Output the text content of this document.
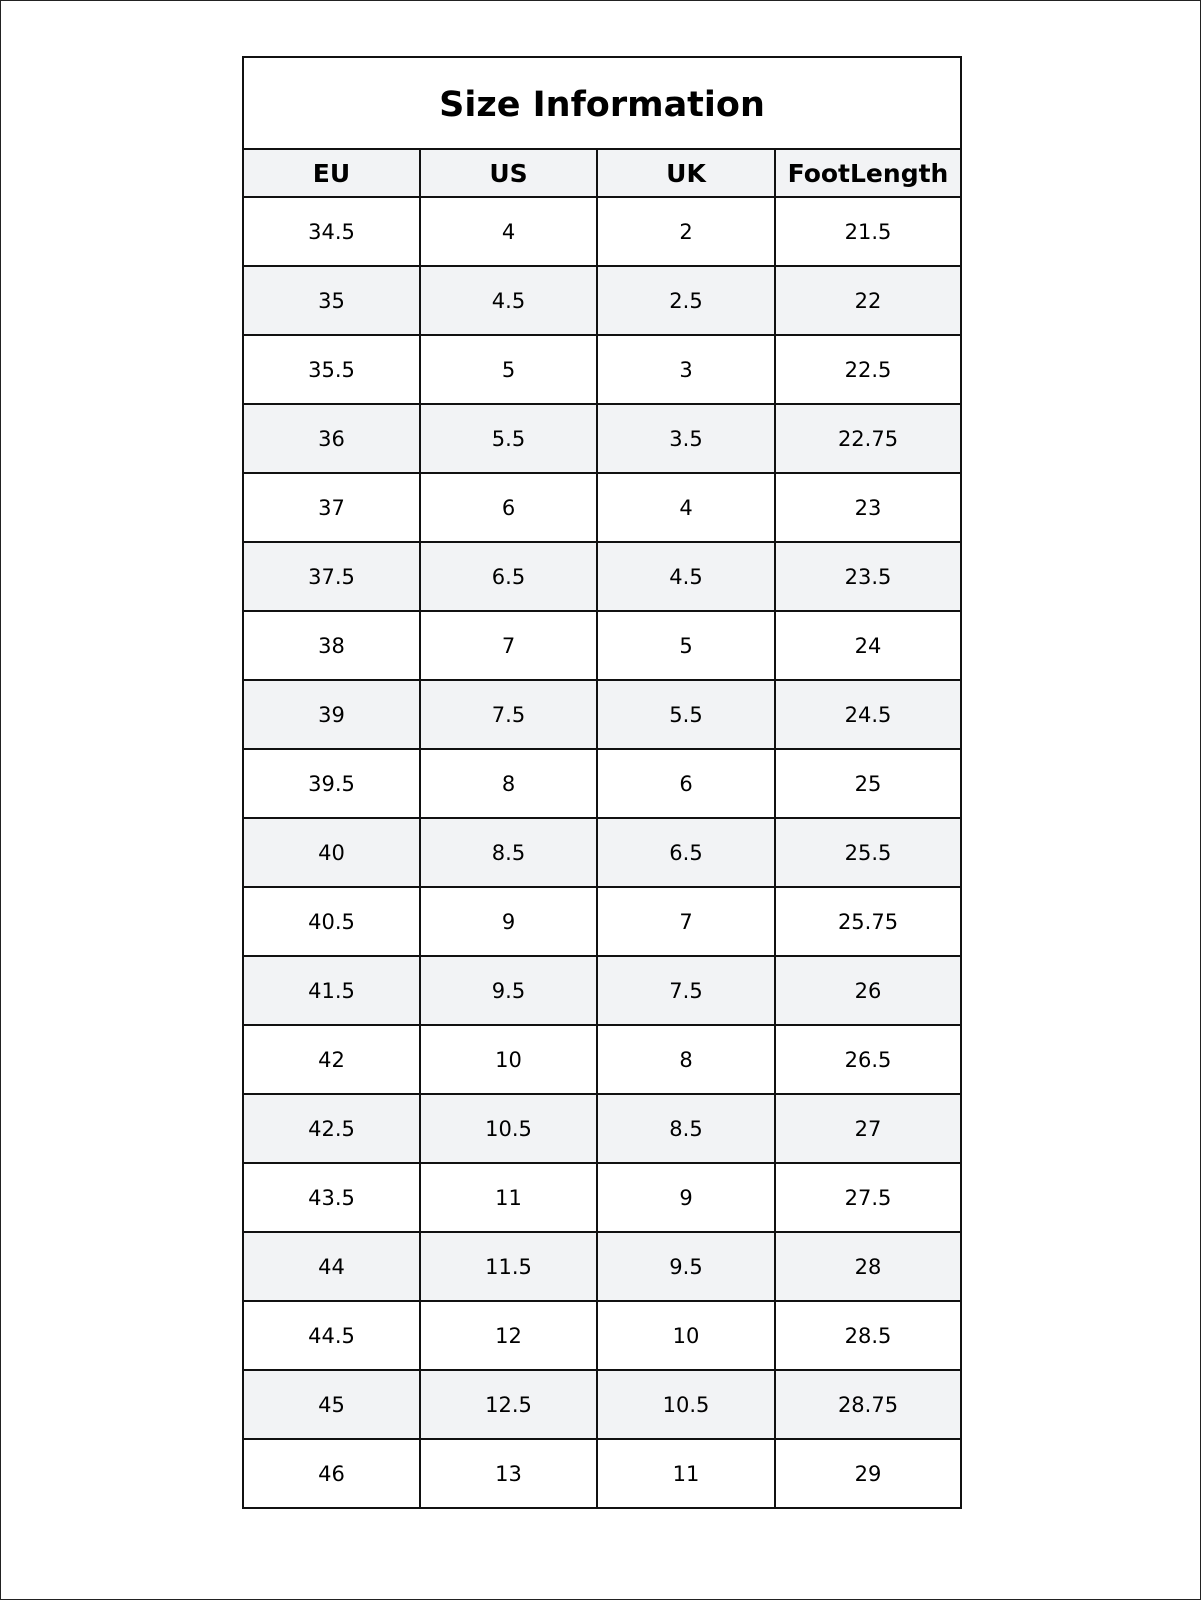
Size Information			
EU	US	UK	FootLength
34.5	4	2	21.5
35	4.5	2.5	22
35.5	5	3	22.5
36	5.5	3.5	22.75
37	6	4	23
37.5	6.5	4.5	23.5
38	7	5	24
39	7.5	5.5	24.5
39.5	8	6	25
40	8.5	6.5	25.5
40.5	9	7	25.75
41.5	9.5	7.5	26
42	10	8	26.5
42.5	10.5	8.5	27
43.5	11	9	27.5
44	11.5	9.5	28
44.5	12	10	28.5
45	12.5	10.5	28.75
46	13	11	29
